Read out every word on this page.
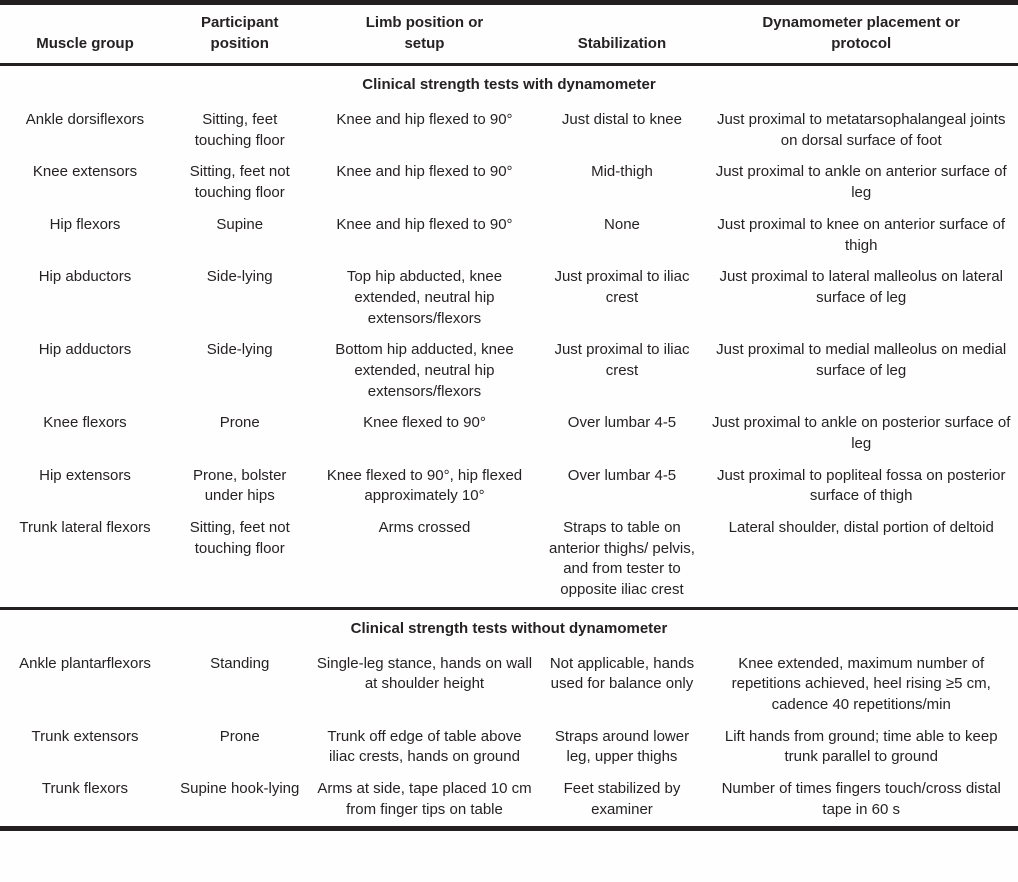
Muscle group	Participant position	Limb position or setup	Stabilization	Dynamometer placement or protocol
Clinical strength tests with dynamometer				
Ankle dorsiflexors	Sitting, feet touching floor	Knee and hip flexed to 90°	Just distal to knee	Just proximal to metatarsophalangeal joints on dorsal surface of foot
Knee extensors	Sitting, feet not touching floor	Knee and hip flexed to 90°	Mid-thigh	Just proximal to ankle on anterior surface of leg
Hip flexors	Supine	Knee and hip flexed to 90°	None	Just proximal to knee on anterior surface of thigh
Hip abductors	Side-lying	Top hip abducted, knee extended, neutral hip extensors/flexors	Just proximal to iliac crest	Just proximal to lateral malleolus on lateral surface of leg
Hip adductors	Side-lying	Bottom hip adducted, knee extended, neutral hip extensors/flexors	Just proximal to iliac crest	Just proximal to medial malleolus on medial surface of leg
Knee flexors	Prone	Knee flexed to 90°	Over lumbar 4-5	Just proximal to ankle on posterior surface of leg
Hip extensors	Prone, bolster under hips	Knee flexed to 90°, hip flexed approximately 10°	Over lumbar 4-5	Just proximal to popliteal fossa on posterior surface of thigh
Trunk lateral flexors	Sitting, feet not touching floor	Arms crossed	Straps to table on anterior thighs/ pelvis, and from tester to opposite iliac crest	Lateral shoulder, distal portion of deltoid
Clinical strength tests without dynamometer				
Ankle plantarflexors	Standing	Single-leg stance, hands on wall at shoulder height	Not applicable, hands used for balance only	Knee extended, maximum number of repetitions achieved, heel rising ≥5 cm, cadence 40 repetitions/min
Trunk extensors	Prone	Trunk off edge of table above iliac crests, hands on ground	Straps around lower leg, upper thighs	Lift hands from ground; time able to keep trunk parallel to ground
Trunk flexors	Supine hook-lying	Arms at side, tape placed 10 cm from finger tips on table	Feet stabilized by examiner	Number of times fingers touch/cross distal tape in 60 s
